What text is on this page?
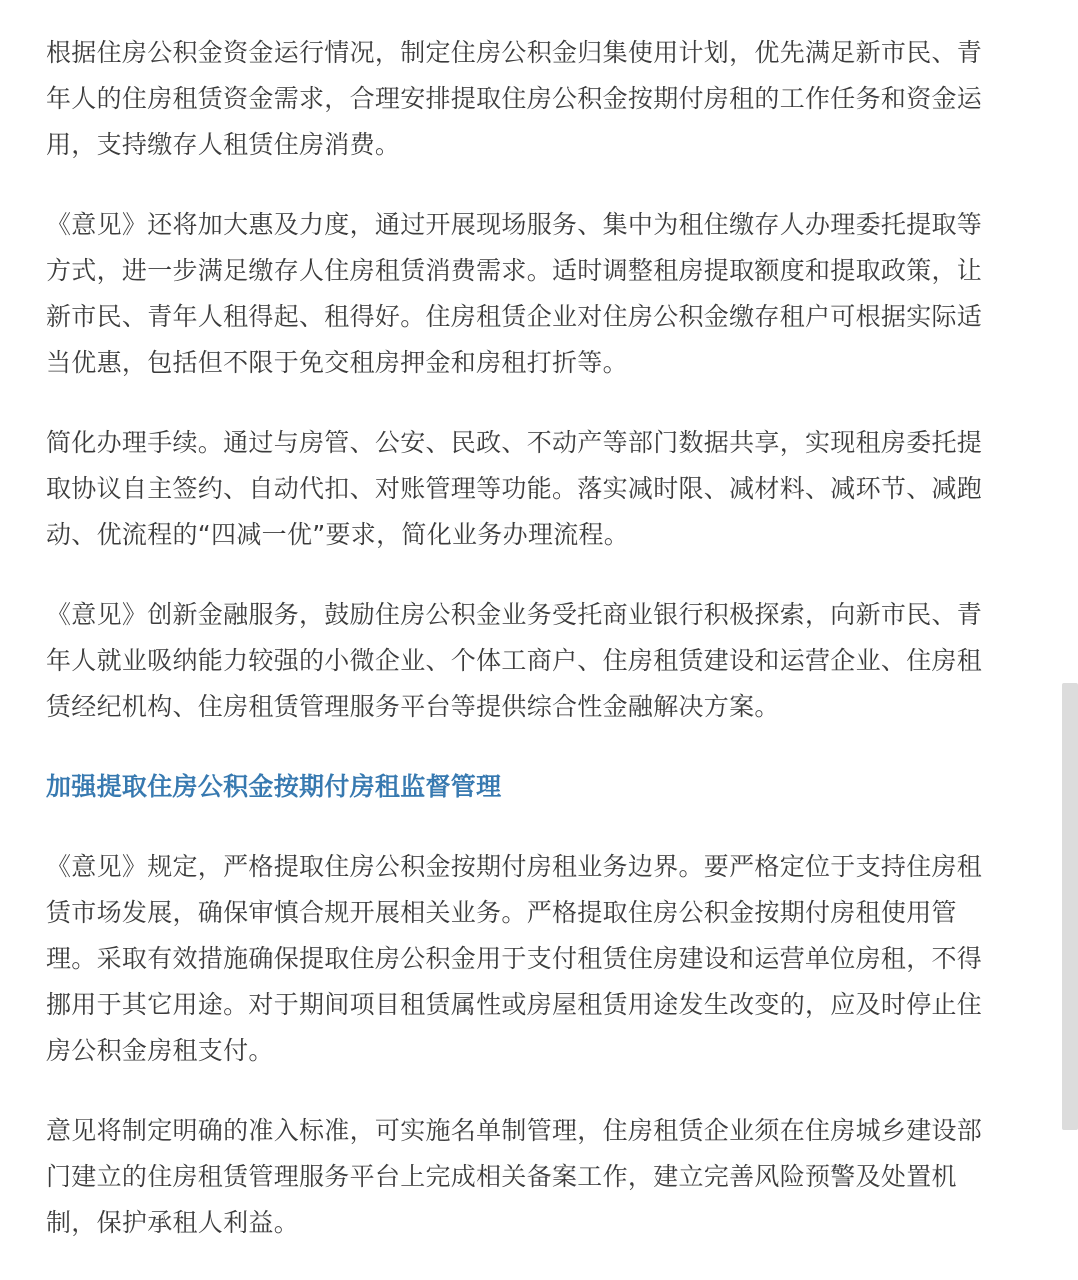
根据住房公积金资金运行情况，制定住房公积金归集使用计划，优先满足新市民、青
年人的住房租赁资金需求，合理安排提取住房公积金按期付房租的工作任务和资金运
用，支持缴存人租赁住房消费。

《意见》还将加大惠及力度，通过开展现场服务、集中为租住缴存人办理委托提取等
方式，进一步满足缴存人住房租赁消费需求。适时调整租房提取额度和提取政策，让
新市民、青年人租得起、租得好。住房租赁企业对住房公积金缴存租户可根据实际适
当优惠，包括但不限于免交租房押金和房租打折等。

简化办理手续。通过与房管、公安、民政、不动产等部门数据共享，实现租房委托提
取协议自主签约、自动代扣、对账管理等功能。落实减时限、减材料、减环节、减跑
动、优流程的“四减一优”要求，简化业务办理流程。

《意见》创新金融服务，鼓励住房公积金业务受托商业银行积极探索，向新市民、青
年人就业吸纳能力较强的小微企业、个体工商户、住房租赁建设和运营企业、住房租
赁经纪机构、住房租赁管理服务平台等提供综合性金融解决方案。

加强提取住房公积金按期付房租监督管理

《意见》规定，严格提取住房公积金按期付房租业务边界。要严格定位于支持住房租
赁市场发展，确保审慎合规开展相关业务。严格提取住房公积金按期付房租使用管
理。采取有效措施确保提取住房公积金用于支付租赁住房建设和运营单位房租，不得
挪用于其它用途。对于期间项目租赁属性或房屋租赁用途发生改变的，应及时停止住
房公积金房租支付。

意见将制定明确的准入标准，可实施名单制管理，住房租赁企业须在住房城乡建设部
门建立的住房租赁管理服务平台上完成相关备案工作，建立完善风险预警及处置机
制，保护承租人利益。
